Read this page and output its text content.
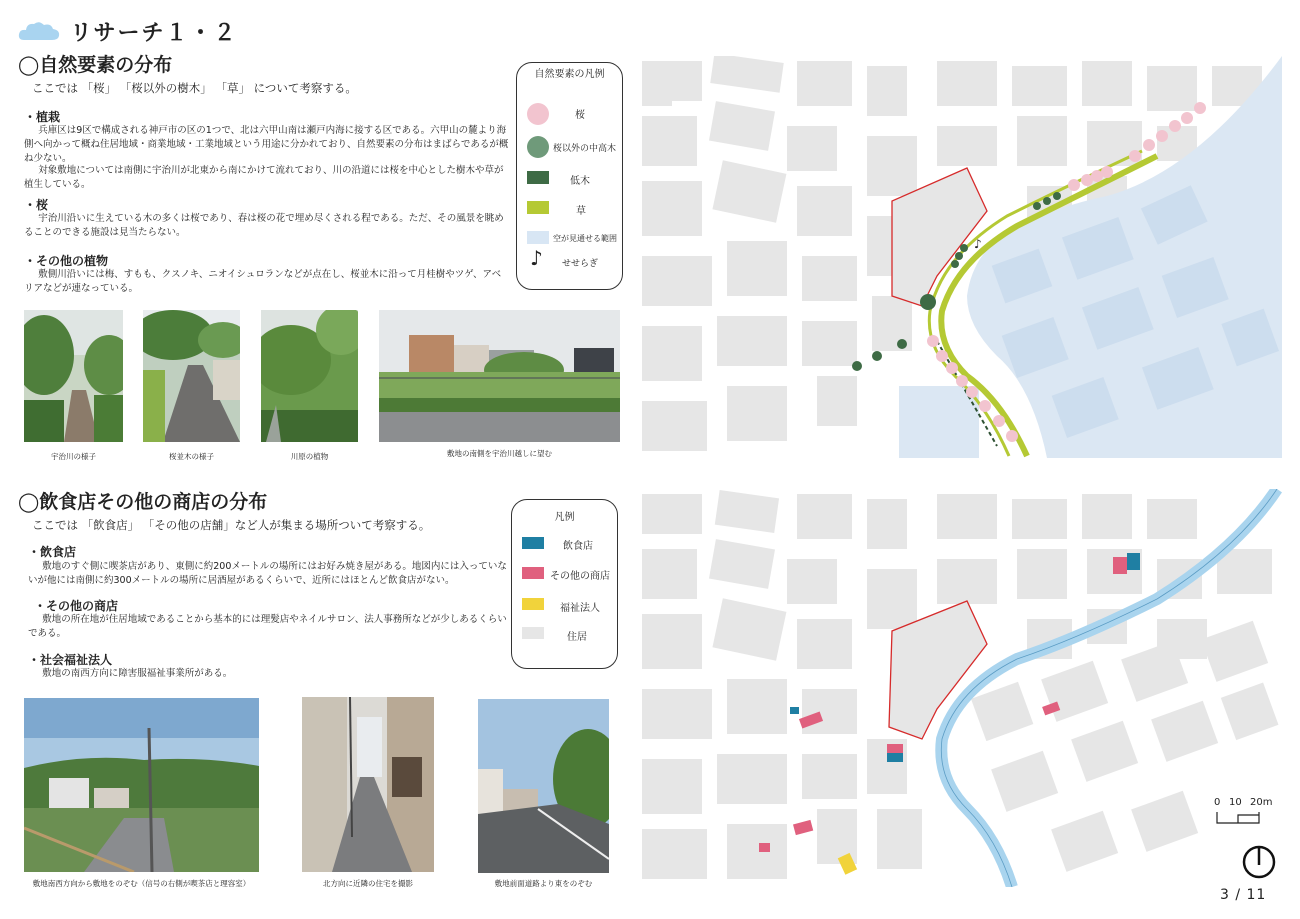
リサーチ１・２
◯自然要素の分布
ここでは 「桜」 「桜以外の樹木」 「草」 について考察する。
・植栽
兵庫区は9区で構成される神戸市の区の1つで、北は六甲山南は瀬戸内海に接する区である。六甲山の麓より海側へ向かって概ね住居地域・商業地域・工業地域という用途に分かれており、自然要素の分布はまばらであるが概ね少ない。
対象敷地については南側に宇治川が北東から南にかけて流れており、川の沿道には桜を中心とした樹木や草が植生している。
・桜
宇治川沿いに生えている木の多くは桜であり、春は桜の花で埋め尽くされる程である。ただ、その風景を眺めることのできる施設は見当たらない。
・その他の植物
敷側川沿いには梅、すもも、クスノキ、ニオイシュロランなどが点在し、桜並木に沿って月桂樹やツゲ、アベリアなどが連なっている。
自然要素の凡例
桜
桜以外の中高木
低木
草
空が見通せる範囲
♪ せせらぎ
宇治川の様子	桜並木の様子	川原の植物	敷地の南側を宇治川越しに望む
♪
◯飲食店その他の商店の分布
ここでは 「飲食店」 「その他の店舗」など人が集まる場所ついて考察する。
・飲食店
敷地のすぐ側に喫茶店があり、東側に約200メートルの場所にはお好み焼き屋がある。地図内には入っていないが他には南側に約300メートルの場所に居酒屋があるくらいで、近所にはほとんど飲食店がない。
・その他の商店
敷地の所在地が住居地域であることから基本的には理髪店やネイルサロン、法人事務所などが少しあるくらいである。
・社会福祉法人
敷地の南西方向に障害服福祉事業所がある。
凡例
飲食店
その他の商店
福祉法人
住居
敷地南西方向から敷地をのぞむ（信号の右側が喫茶店と理容室）	北方向に近隣の住宅を撮影	敷地前面道路より東をのぞむ
0 10 20m
3 / 11
